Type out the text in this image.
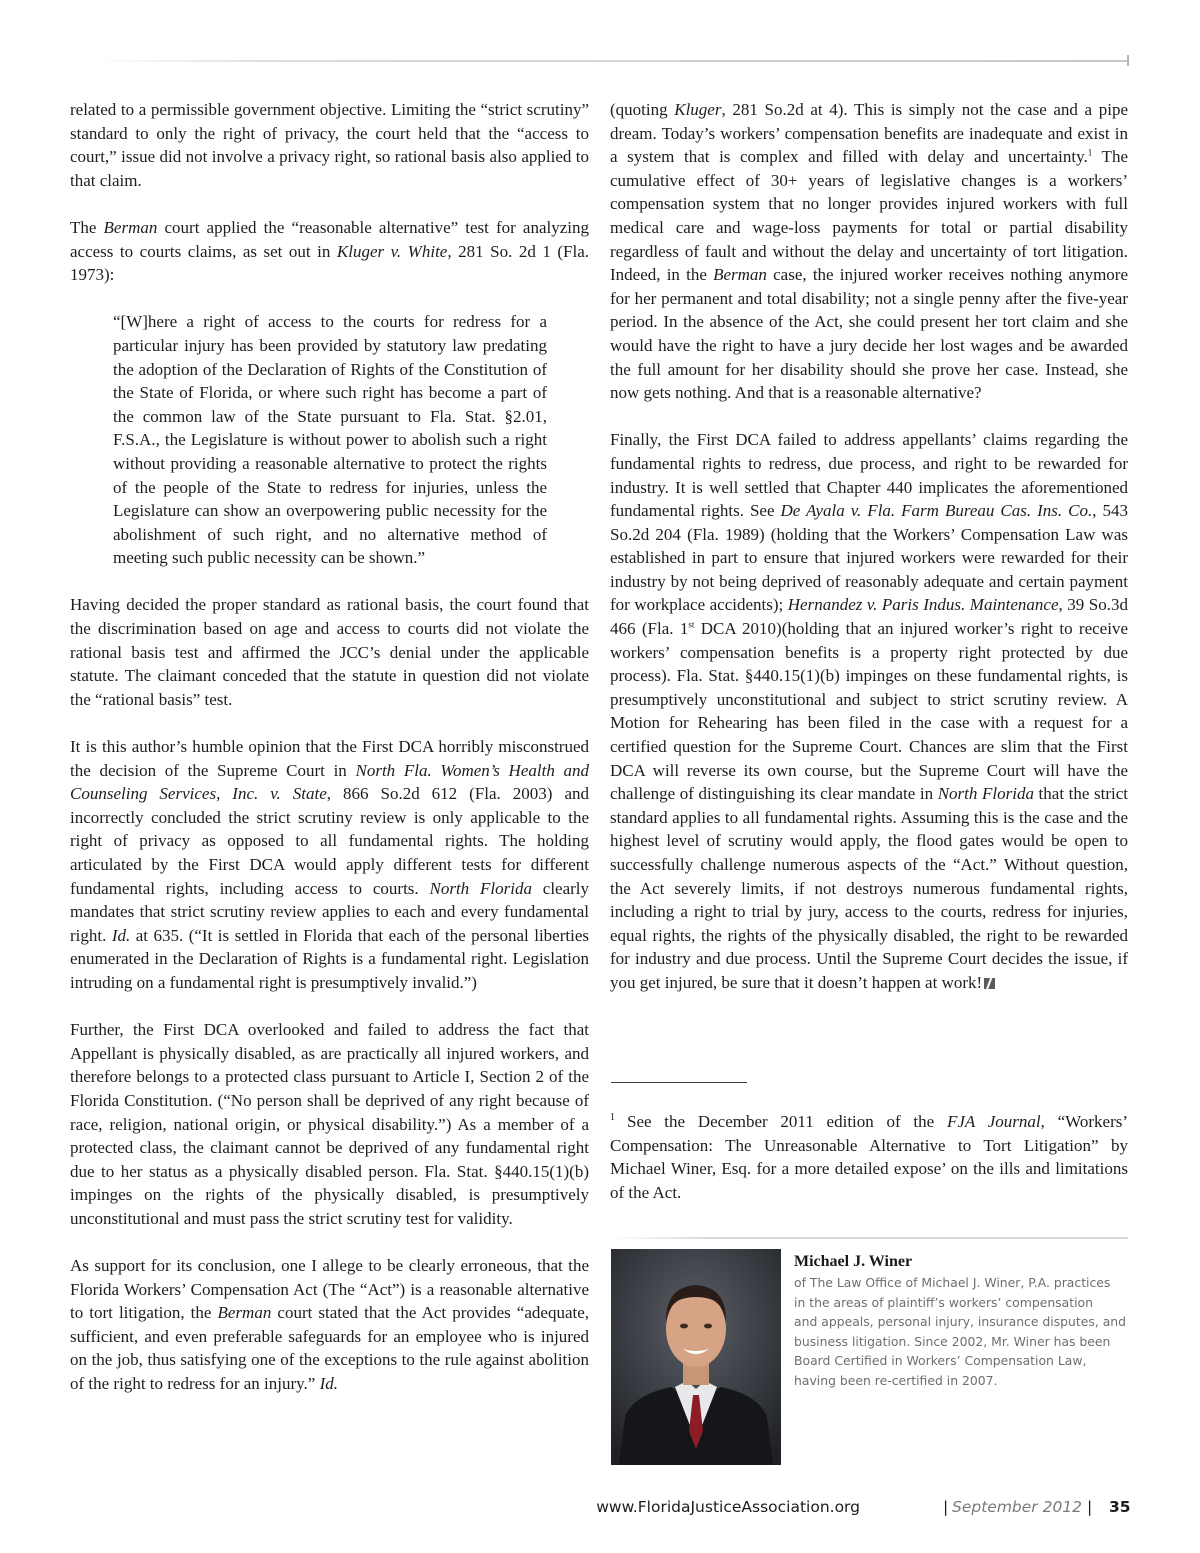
related to a permissible government objective. Limiting the “strict scrutiny” standard to only the right of privacy, the court held that the “access to court,” issue did not involve a privacy right, so rational basis also applied to that claim.

The Berman court applied the “reasonable alternative” test for analyzing access to courts claims, as set out in Kluger v. White, 281 So. 2d 1 (Fla. 1973):

“[W]here a right of access to the courts for redress for a particular injury has been provided by statutory law predating the adoption of the Declaration of Rights of the Constitution of the State of Florida, or where such right has become a part of the common law of the State pursuant to Fla. Stat. §2.01, F.S.A., the Legislature is without power to abolish such a right without providing a reasonable alternative to protect the rights of the people of the State to redress for injuries, unless the Legislature can show an overpowering public necessity for the abolishment of such right, and no alternative method of meeting such public necessity can be shown.”

Having decided the proper standard as rational basis, the court found that the discrimination based on age and access to courts did not violate the rational basis test and affirmed the JCC’s denial under the applicable statute. The claimant conceded that the statute in question did not violate the “rational basis” test.

It is this author’s humble opinion that the First DCA horribly misconstrued the decision of the Supreme Court in North Fla. Women’s Health and Counseling Services, Inc. v. State, 866 So.2d 612 (Fla. 2003) and incorrectly concluded the strict scrutiny review is only applicable to the right of privacy as opposed to all fundamental rights. The holding articulated by the First DCA would apply different tests for different fundamental rights, including access to courts. North Florida clearly mandates that strict scrutiny review applies to each and every fundamental right. Id. at 635. (“It is settled in Florida that each of the personal liberties enumerated in the Declaration of Rights is a fundamental right. Legislation intruding on a fundamental right is presumptively invalid.”)

Further, the First DCA overlooked and failed to address the fact that Appellant is physically disabled, as are practically all injured workers, and therefore belongs to a protected class pursuant to Article I, Section 2 of the Florida Constitution. (“No person shall be deprived of any right because of race, religion, national origin, or physical disability.”) As a member of a protected class, the claimant cannot be deprived of any fundamental right due to her status as a physically disabled person. Fla. Stat. §440.15(1)(b) impinges on the rights of the physically disabled, is presumptively unconstitutional and must pass the strict scrutiny test for validity.

As support for its conclusion, one I allege to be clearly erroneous, that the Florida Workers’ Compensation Act (The “Act”) is a reasonable alternative to tort litigation, the Berman court stated that the Act provides “adequate, sufficient, and even preferable safeguards for an employee who is injured on the job, thus satisfying one of the exceptions to the rule against abolition of the right to redress for an injury.” Id.

(quoting Kluger, 281 So.2d at 4). This is simply not the case and a pipe dream. Today’s workers’ compensation benefits are inadequate and exist in a system that is complex and filled with delay and uncertainty.$^1$ The cumulative effect of 30+ years of legislative changes is a workers’ compensation system that no longer provides injured workers with full medical care and wage-loss payments for total or partial disability regardless of fault and without the delay and uncertainty of tort litigation. Indeed, in the Berman case, the injured worker receives nothing anymore for her permanent and total disability; not a single penny after the five-year period. In the absence of the Act, she could present her tort claim and she would have the right to have a jury decide her lost wages and be awarded the full amount for her disability should she prove her case. Instead, she now gets nothing. And that is a reasonable alternative?

Finally, the First DCA failed to address appellants’ claims regarding the fundamental rights to redress, due process, and right to be rewarded for industry. It is well settled that Chapter 440 implicates the aforementioned fundamental rights. See De Ayala v. Fla. Farm Bureau Cas. Ins. Co., 543 So.2d 204 (Fla. 1989) (holding that the Workers’ Compensation Law was established in part to ensure that injured workers were rewarded for their industry by not being deprived of reasonably adequate and certain payment for workplace accidents); Hernandez v. Paris Indus. Maintenance, 39 So.3d 466 (Fla. 1st DCA 2010)(holding that an injured worker’s right to receive workers’ compensation benefits is a property right protected by due process). Fla. Stat. §440.15(1)(b) impinges on these fundamental rights, is presumptively unconstitutional and subject to strict scrutiny review. A Motion for Rehearing has been filed in the case with a request for a certified question for the Supreme Court. Chances are slim that the First DCA will reverse its own course, but the Supreme Court will have the challenge of distinguishing its clear mandate in North Florida that the strict standard applies to all fundamental rights. Assuming this is the case and the highest level of scrutiny would apply, the flood gates would be open to successfully challenge numerous aspects of the “Act.” Without question, the Act severely limits, if not destroys numerous fundamental rights, including a right to trial by jury, access to the courts, redress for injuries, equal rights, the rights of the physically disabled, the right to be rewarded for industry and due process. Until the Supreme Court decides the issue, if you get injured, be sure that it doesn’t happen at work!

$^1$ See the December 2011 edition of the FJA Journal, “Workers’ Compensation: The Unreasonable Alternative to Tort Litigation” by Michael Winer, Esq. for a more detailed expose’ on the ills and limitations of the Act.
Michael J. Winer
of The Law Office of Michael J. Winer, P.A. practices
in the areas of plaintiff’s workers’ compensation
and appeals, personal injury, insurance disputes, and
business litigation. Since 2002, Mr. Winer has been
Board Certified in Workers’ Compensation Law,
having been re-certified in 2007.
www.FloridaJusticeAssociation.org	| September 2012 | 35
